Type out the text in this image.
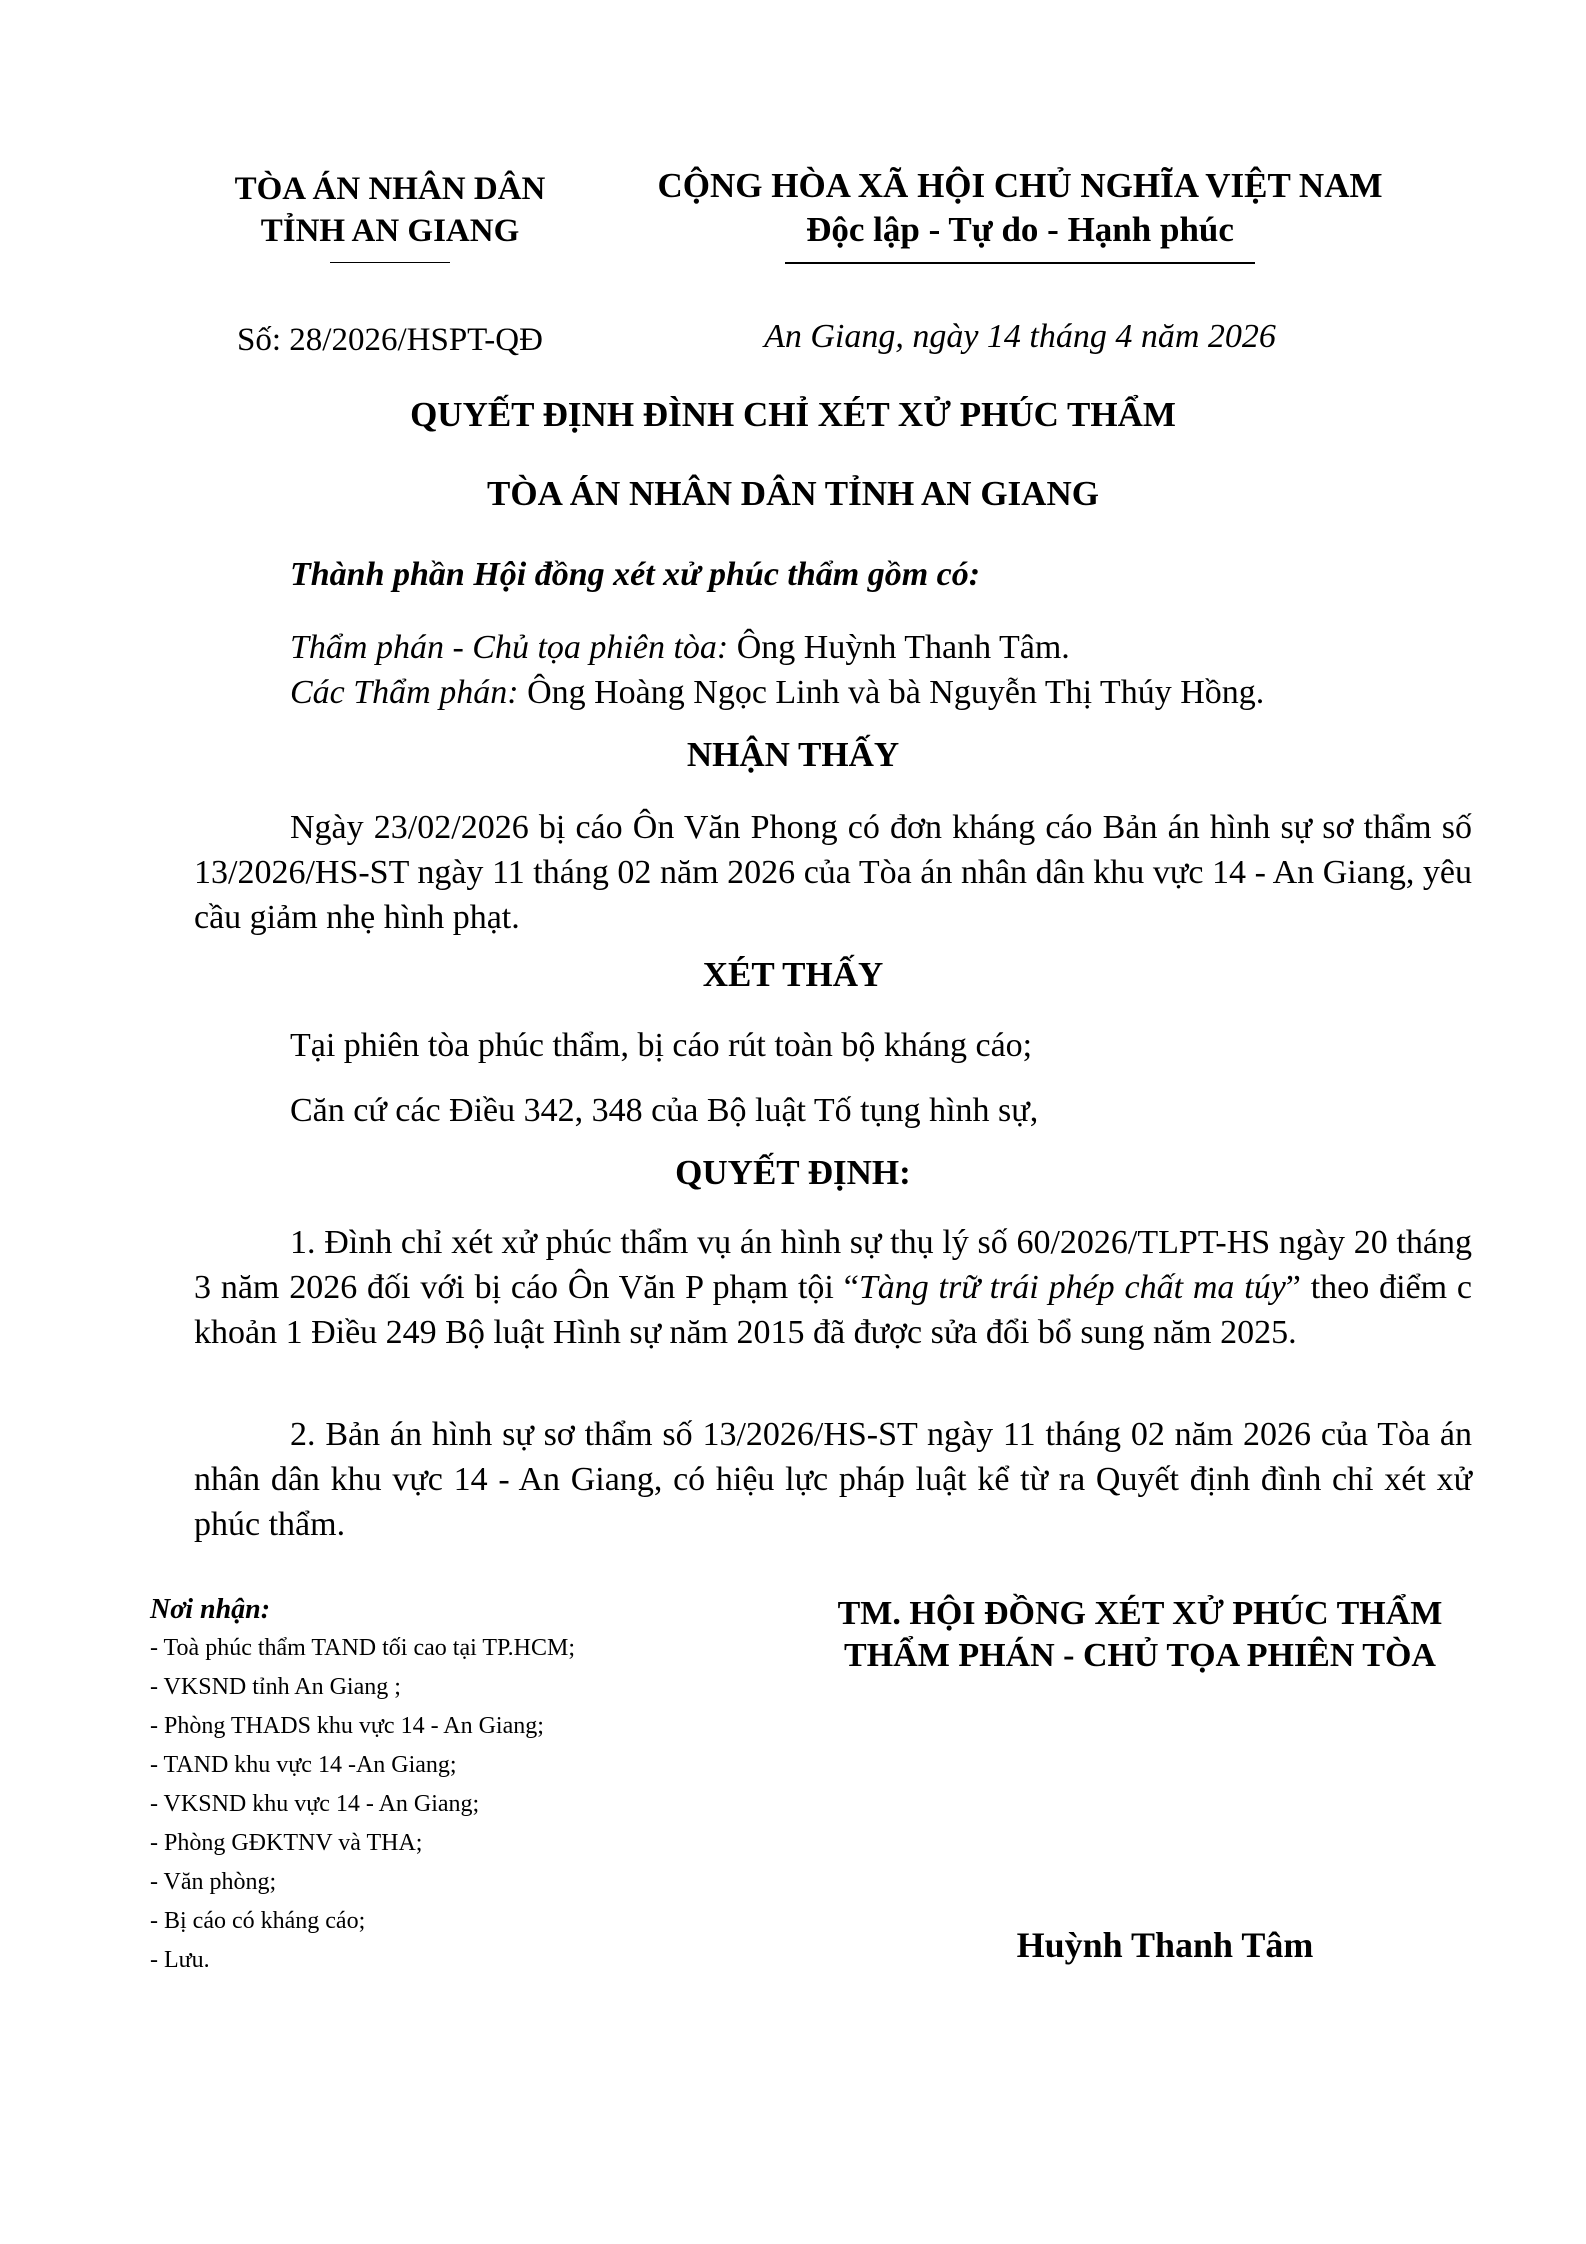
TÒA ÁN NHÂN DÂN
TỈNH AN GIANG
CỘNG HÒA XÃ HỘI CHỦ NGHĨA VIỆT NAM
Độc lập - Tự do - Hạnh phúc
Số: 28/2026/HSPT-QĐ	An Giang, ngày 14 tháng 4 năm 2026
QUYẾT ĐỊNH ĐÌNH CHỈ XÉT XỬ PHÚC THẨM
TÒA ÁN NHÂN DÂN TỈNH AN GIANG
Thành phần Hội đồng xét xử phúc thẩm gồm có:
Thẩm phán - Chủ tọa phiên tòa: Ông Huỳnh Thanh Tâm.
Các Thẩm phán: Ông Hoàng Ngọc Linh và bà Nguyễn Thị Thúy Hồng.
NHẬN THẤY
Ngày 23/02/2026 bị cáo Ôn Văn Phong có đơn kháng cáo Bản án hình sự sơ thẩm số 13/2026/HS-ST ngày 11 tháng 02 năm 2026 của Tòa án nhân dân khu vực 14 - An Giang, yêu cầu giảm nhẹ hình phạt.
XÉT THẤY
Tại phiên tòa phúc thẩm, bị cáo rút toàn bộ kháng cáo;
Căn cứ các Điều 342, 348 của Bộ luật Tố tụng hình sự,
QUYẾT ĐỊNH:
1. Đình chỉ xét xử phúc thẩm vụ án hình sự thụ lý số 60/2026/TLPT-HS ngày 20 tháng 3 năm 2026 đối với bị cáo Ôn Văn P phạm tội “Tàng trữ trái phép chất ma túy” theo điểm c khoản 1 Điều 249 Bộ luật Hình sự năm 2015 đã được sửa đổi bổ sung năm 2025.
2. Bản án hình sự sơ thẩm số 13/2026/HS-ST ngày 11 tháng 02 năm 2026 của Tòa án nhân dân khu vực 14 - An Giang, có hiệu lực pháp luật kể từ ra Quyết định đình chỉ xét xử phúc thẩm.
Nơi nhận:
- Toà phúc thẩm TAND tối cao tại TP.HCM;
- VKSND tỉnh An Giang ;
- Phòng THADS khu vực 14 - An Giang;
- TAND khu vực 14 -An Giang;
- VKSND khu vực 14 - An Giang;
- Phòng GĐKTNV và THA;
- Văn phòng;
- Bị cáo có kháng cáo;
- Lưu.
TM. HỘI ĐỒNG XÉT XỬ PHÚC THẨM
THẨM PHÁN - CHỦ TỌA PHIÊN TÒA
Huỳnh Thanh Tâm
